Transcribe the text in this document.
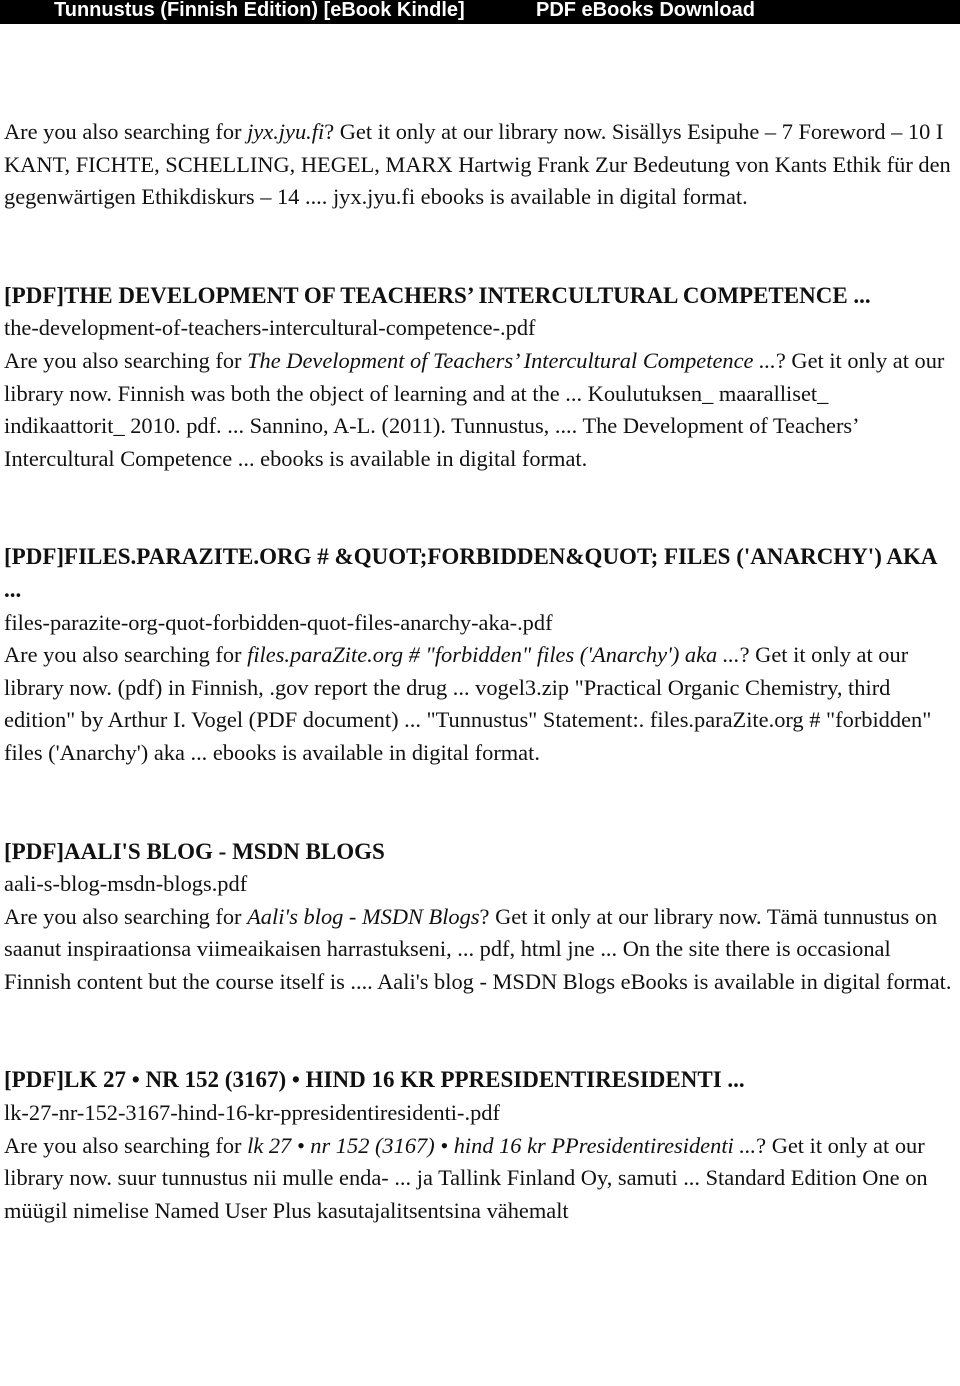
Tunnustus (Finnish Edition) [eBook Kindle]	PDF eBooks Download

Are you also searching for jyx.jyu.fi? Get it only at our library now. Sisällys Esipuhe – 7 Foreword – 10 I KANT, FICHTE, SCHELLING, HEGEL, MARX Hartwig Frank Zur Bedeutung von Kants Ethik für den gegenwärtigen Ethikdiskurs – 14 .... jyx.jyu.fi ebooks is available in digital format.

[PDF]THE DEVELOPMENT OF TEACHERS’ INTERCULTURAL COMPETENCE ...

the-development-of-teachers-intercultural-competence-.pdf

Are you also searching for The Development of Teachers’ Intercultural Competence ...? Get it only at our library now. Finnish was both the object of learning and at the ... Koulutuksen_ maaralliset_ indikaattorit_ 2010. pdf. ... Sannino, A-L. (2011). Tunnustus, .... The Development of Teachers’ Intercultural Competence ... ebooks is available in digital format.

[PDF]FILES.PARAZITE.ORG # &QUOT;FORBIDDEN&QUOT; FILES ('ANARCHY') AKA ...

files-parazite-org-quot-forbidden-quot-files-anarchy-aka-.pdf

Are you also searching for files.paraZite.org # "forbidden" files ('Anarchy') aka ...? Get it only at our library now. (pdf) in Finnish, .gov report the drug ... vogel3.zip "Practical Organic Chemistry, third edition" by Arthur I. Vogel (PDF document) ... "Tunnustus" Statement:. files.paraZite.org # "forbidden" files ('Anarchy') aka ... ebooks is available in digital format.

[PDF]AALI'S BLOG - MSDN BLOGS

aali-s-blog-msdn-blogs.pdf

Are you also searching for Aali's blog - MSDN Blogs? Get it only at our library now. Tämä tunnustus on saanut inspiraationsa viimeaikaisen harrastukseni, ... pdf, html jne ... On the site there is occasional Finnish content but the course itself is .... Aali's blog - MSDN Blogs eBooks is available in digital format.

[PDF]LK 27 • NR 152 (3167) • HIND 16 KR PPRESIDENTIRESIDENTI ...

lk-27-nr-152-3167-hind-16-kr-ppresidentiresidenti-.pdf

Are you also searching for lk 27 • nr 152 (3167) • hind 16 kr PPresidentiresidenti ...? Get it only at our library now. suur tunnustus nii mulle enda- ... ja Tallink Finland Oy, samuti ... Standard Edition One on müügil nimelise Named User Plus kasutajalitsentsina vähemalt
